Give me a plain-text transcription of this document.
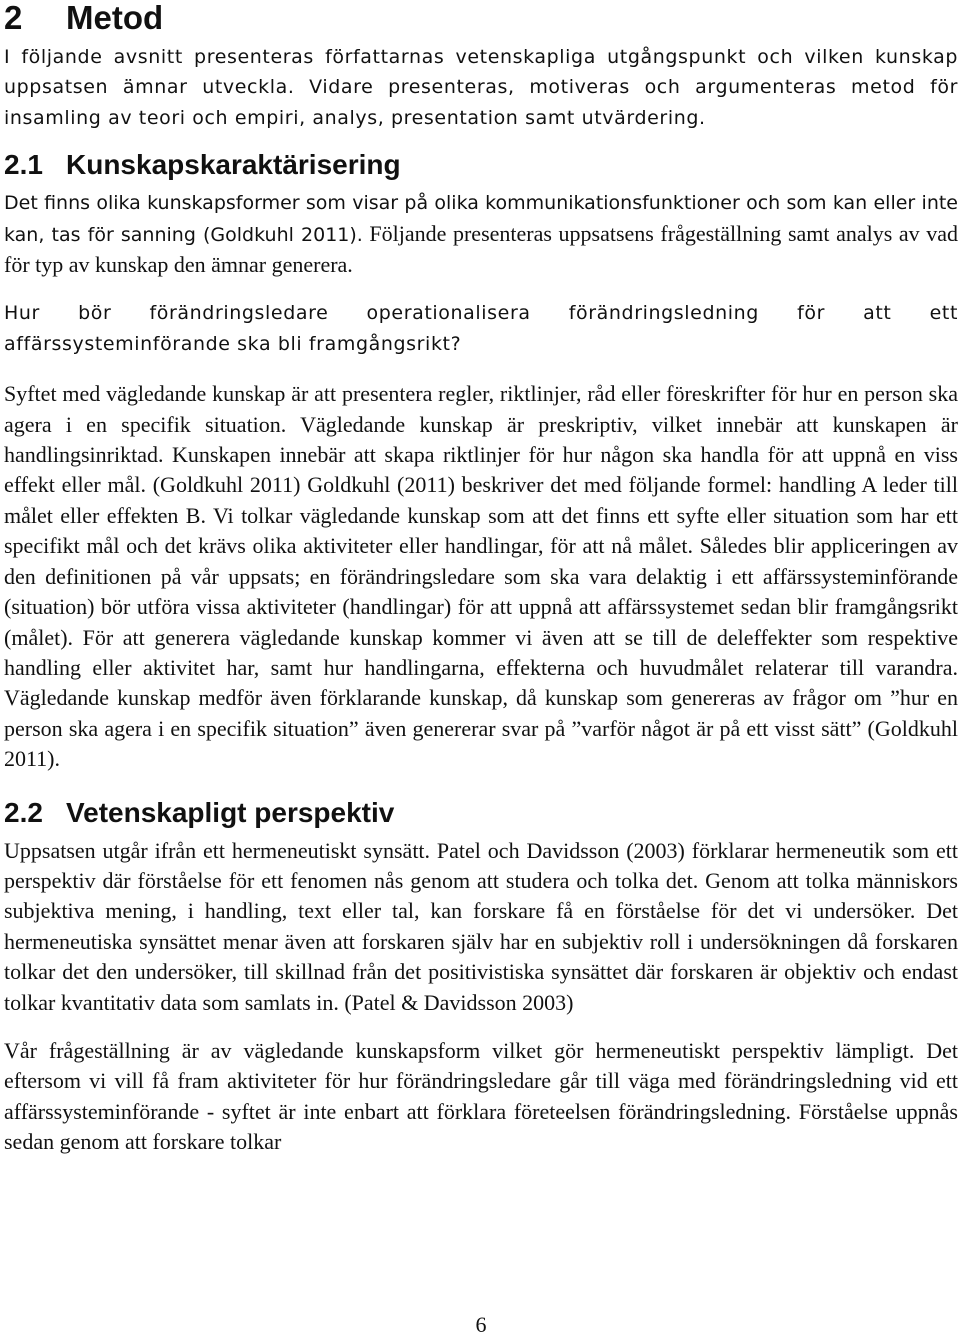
2 Metod

I följande avsnitt presenteras författarnas vetenskapliga utgångspunkt och vilken kunskap uppsatsen ämnar utveckla. Vidare presenteras, motiveras och argumenteras metod för insamling av teori och empiri, analys, presentation samt utvärdering.

2.1 Kunskapskaraktärisering

Det finns olika kunskapsformer som visar på olika kommunikationsfunktioner och som kan eller inte kan, tas för sanning (Goldkuhl 2011). Följande presenteras uppsatsens frågeställning samt analys av vad för typ av kunskap den ämnar generera.

Hur bör förändringsledare operationalisera förändringsledning för att ett affärssysteminförande ska bli framgångsrikt?

Syftet med vägledande kunskap är att presentera regler, riktlinjer, råd eller föreskrifter för hur en person ska agera i en specifik situation. Vägledande kunskap är preskriptiv, vilket innebär att kunskapen är handlingsinriktad. Kunskapen innebär att skapa riktlinjer för hur någon ska handla för att uppnå en viss effekt eller mål. (Goldkuhl 2011) Goldkuhl (2011) beskriver det med följande formel: handling A leder till målet eller effekten B. Vi tolkar vägledande kunskap som att det finns ett syfte eller situation som har ett specifikt mål och det krävs olika aktiviteter eller handlingar, för att nå målet. Således blir appliceringen av den definitionen på vår uppsats; en förändringsledare som ska vara delaktig i ett affärssysteminförande (situation) bör utföra vissa aktiviteter (handlingar) för att uppnå att affärssystemet sedan blir framgångsrikt (målet). För att generera vägledande kunskap kommer vi även att se till de deleffekter som respektive handling eller aktivitet har, samt hur handlingarna, effekterna och huvudmålet relaterar till varandra. Vägledande kunskap medför även förklarande kunskap, då kunskap som genereras av frågor om ”hur en person ska agera i en specifik situation” även genererar svar på ”varför något är på ett visst sätt” (Goldkuhl 2011).

2.2 Vetenskapligt perspektiv

Uppsatsen utgår ifrån ett hermeneutiskt synsätt. Patel och Davidsson (2003) förklarar hermeneutik som ett perspektiv där förståelse för ett fenomen nås genom att studera och tolka det. Genom att tolka människors subjektiva mening, i handling, text eller tal, kan forskare få en förståelse för det vi undersöker. Det hermeneutiska synsättet menar även att forskaren själv har en subjektiv roll i undersökningen då forskaren tolkar det den undersöker, till skillnad från det positivistiska synsättet där forskaren är objektiv och endast tolkar kvantitativ data som samlats in. (Patel & Davidsson 2003)

Vår frågeställning är av vägledande kunskapsform vilket gör hermeneutiskt perspektiv lämpligt. Det eftersom vi vill få fram aktiviteter för hur förändringsledare går till väga med förändringsledning vid ett affärssysteminförande - syftet är inte enbart att förklara företeelsen förändringsledning. Förståelse uppnås sedan genom att forskare tolkar

6
